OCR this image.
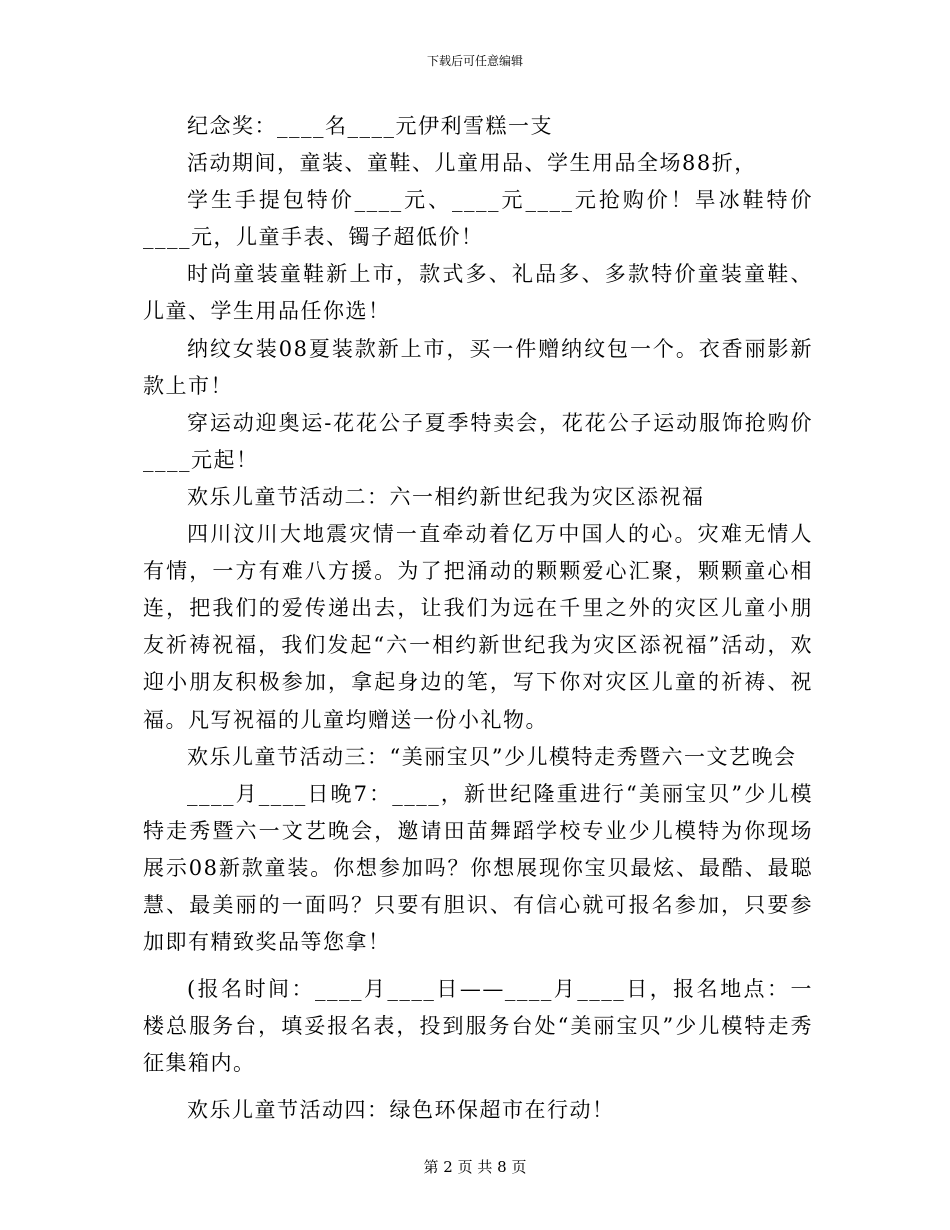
下载后可任意编辑

纪念奖：____名____元伊利雪糕一支

活动期间，童装、童鞋、儿童用品、学生用品全场88折，

学生手提包特价____元、____元____元抢购价！旱冰鞋特价____元，儿童手表、镯子超低价！

时尚童装童鞋新上市，款式多、礼品多、多款特价童装童鞋、儿童、学生用品任你选！

纳纹女装08夏装款新上市，买一件赠纳纹包一个。衣香丽影新款上市！

穿运动迎奥运-花花公子夏季特卖会，花花公子运动服饰抢购价____元起！

欢乐儿童节活动二：六一相约新世纪我为灾区添祝福

四川汶川大地震灾情一直牵动着亿万中国人的心。灾难无情人有情，一方有难八方援。为了把涌动的颗颗爱心汇聚，颗颗童心相连，把我们的爱传递出去，让我们为远在千里之外的灾区儿童小朋友祈祷祝福，我们发起“六一相约新世纪我为灾区添祝福”活动，欢迎小朋友积极参加，拿起身边的笔，写下你对灾区儿童的祈祷、祝福。凡写祝福的儿童均赠送一份小礼物。

欢乐儿童节活动三：“美丽宝贝”少儿模特走秀暨六一文艺晚会

____月____日晚7：____，新世纪隆重进行“美丽宝贝”少儿模特走秀暨六一文艺晚会，邀请田苗舞蹈学校专业少儿模特为你现场展示08新款童装。你想参加吗？你想展现你宝贝最炫、最酷、最聪慧、最美丽的一面吗？只要有胆识、有信心就可报名参加，只要参加即有精致奖品等您拿！

(报名时间：____月____日——____月____日，报名地点：一楼总服务台，填妥报名表，投到服务台处“美丽宝贝”少儿模特走秀征集箱内。

欢乐儿童节活动四：绿色环保超市在行动！

第 2 页 共 8 页
